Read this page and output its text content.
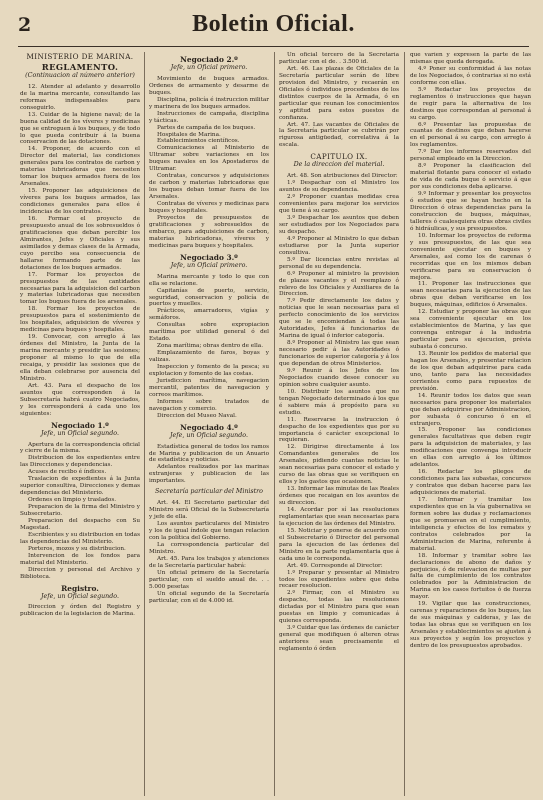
2	Boletin Oficial.
MINISTERIO DE MARINA.
REGLAMENTO.
(Continuacion al número anterior)

12. Atender al adelanto y desarrollo de la marina mercante, consultando las reformas indispensables para conseguirlo.

13. Cuidar de la higiene naval; de la buena calidad de los víveres y medicinas que se entreguen á los buques, y de todo lo que pueda contribuir á la buena conservacion de las dotaciones.

14. Proponer, de acuerdo con el Director del material, las condiciones generales para los contratos de carbon y materias lubricadoras que necesiten tomar los buques armados fuera de los Arsenales.

15. Proponer las adquisiciones de víveres para los buques armados, las condiciones generales para ellos é incidencias de los contratos.

16. Formar el proyecto de presupuesto anual de los sobresueldos ó gratificaciones que deban percibir los Almirantes, Jefes y Oficiales y sus asimilados y demas clases de la Armada, cuyo percibo sea consecuencia de hallarse formando parte de las dotaciones de los buques armados.

17. Formar los proyectos de presupuestos de las cantidades necesarias para la adquisicion del carbon y materias lubricadoras que necesiten tomar los buques fuera de los arsenales.

18. Formar los proyectos de presupuestos para el sostenimiento de los hospitales, adquisicion de víveres y medicinas para buques y hospitales.

19. Convocar, con arreglo á las órdenes del Ministro, la Junta de la marina mercante y presidir las sesiones; proponer al mismo lo que de ella recaiga, y presidir las sesiones que de ella deban celebrarse por ausencia del Ministro.

Art. 43. Para el despacho de los asuntos que corresponden á la Subsecretaría habrá cuatro Negociados, y les corresponderá á cada uno los siguientes:

Negociado 1.º
Jefe, un Oficial segundo.

Apertura de la correspondencia oficial y cierre de la misma.

Distribucion de los expedientes entre las Direcciones y dependencias.

Acuses de recibo é índices.

Traslacion de expedientes á la Junta superior consultiva, Direcciones y demas dependencias del Ministerio.

Ordenes en limpio y traslados.

Preparacion de la firma del Ministro y Subsecretario.

Preparacion del despacho con Su Magestad.

Escribientes y su distribucion en todas las dependencias del Ministerio.

Porteros, mozos y su distribucion.

Intervencion de los fondos para material del Ministerio.

Direccion y personal del Archivo y Biblioteca.

Registro.
Jefe, un Oficial segundo.

Direccion y órden del Registro y publicacion de la legislacion de Marina.

Negociado 2.º
Jefe, un Oficial primero.

Movimiento de buques armados. Ordenes de armamento y desarme de buques.

Disciplina, policía é instruccion militar y marinera de los buques armados.

Instrucciones de campaña, disciplina y tácticas.

Partes de campaña de los buques.

Hospitales de Marina.

Establecimientos científicos.

Comunicaciones al Ministerio de Ultramar sobre variaciones en los buques navales en los Apostaderos de Ultramar.

Contratas, concursos y adquisiciones de carbon y materias lubricadoras que los buques deban tomar fuera de los Arsenales.

Contratas de víveres y medicinas para buques y hospitales.

Proyectos de presupuestos de gratificaciones y sobresueldos de embarco, para adquisiciones de carbon, materias lubricadoras, víveres y medicinas para buques y hospitales.

Negociado 3.º
Jefe, un Oficial primero.

Marina mercante y todo lo que con ella se relacione.

Capitanías de puerto, servicio, seguridad, conservacion y policía de puertos y muelles.

Prácticos, amarradores, vigías y semáforos.

Consultas sobre expropiacion marítima por utilidad general ó del Estado.

Zona marítima; obras dentro de ella.

Emplazamiento de faros, boyas y valizas.

Inspeccion y fomento de la pesca; su explotacion y fomento de las costas.

Jurisdiccion marítima, navegacion mercantil, patentes de navegacion y correos marítimos.

Informes sobre tratados de navegacion y comercio.

Direccion del Museo Naval.

Negociado 4.º
Jefe, un Oficial segundo.

Estadística general de todos los ramos de Marina y publicacion de un Anuario de estadística y noticias.

Adelantos realizados por las marinas extranjeras y publicacion de las importantes.

Secretaría particular del Ministro

Art. 44. El Secretario particular del Ministro será Oficial de la Subsecretaría y jefe de ella.

Los asuntos particulares del Ministro y los de igual índole que tengan relacion con la política del Gobierno.

La correspondencia particular del Ministro.

Art. 45. Para los trabajos y atenciones de la Secretaría particular habrá:

Un oficial primero de la Secretaría particular, con el sueldo anual de. . . 5.000 pesetas

Un oficial segundo de la Secretaría particular, con el de 4.000 id.

Un oficial tercero de la Secretaría particular con el de. . 3.500 id.

Art. 46. Las plazas de Oficiales de la Secretaría particular serán de libre provision del Ministro, y recaerán en Oficiales ó individuos procedentes de los distintos cuerpos de la Armada, ó en particular que reunan los conocimientos y aptitud para estos puestos de confianza.

Art. 47. Las vacantes de Oficiales de la Secretaría particular se cubrirán por rigurosa antigüedad, correlativa á la escala.

CAPITULO IX.
De la direccion del material.

Art. 48. Son atribuciones del Director:

1.º Despachar con el Ministro los asuntos de su dependencia.

2.º Proponer cuantas medidas crea convenientes para mejorar los servicios que tiene á su cargo.

3.º Despachar los asuntos que deben ser estudiados por los Negociados para su despacho.

4.º Proponer al Ministro lo que deban estudiarse por la Junta superior consultiva.

5.º Dar licencias entre revistas al personal de su dependencia.

6.º Proponer al ministro la provision de plazas vacantes y el reemplazo ó relevo de los Oficiales y Auxiliares de la Direccion.

7.º Pedir directamente los datos y noticias que le sean necesarias para el perfecto conocimiento de los servicios que se le encomiendan á todas las Autoridades, Jefes á funcionarios de Marina de igual ó inferior categoría.

8.º Proponer al Ministro las que sean necesario pedir á las Autoridades ó funcionarios de superior categoría y á los que dependan de otros Ministerios.

9.º Reunir á los Jefes de los Negociados cuando desee conocer su opinion sobre cualquier asunto.

10. Distribuir los asuntos que no tengan Negociado determinado á los que é sabiere más á propósito para su estudio.

11. Reservarse la instruccion ó despacho de los expedientes que por su importancia ó carácter excepcional lo requieran.

12. Dirigirse directamente á los Comandantes generales de los Arsenales, pidiendo cuantas noticias le sean necesarias para conocer el estado y curso de las obras que se verifiquen en ellos y los gastos que ocasionen.

13. Informar las minutas de las Reales órdenes que recaigan en los asuntos de su direccion.

14. Acordar por sí las resoluciones reglamentarias que sean necesarias para la ejecucion de las órdenes del Ministro.

15. Noticiar y ponerse de acuerdo con el Subsecretario ó Director del personal para la ejecucion de las órdenes del Ministro en la parte reglamentaria que á cada uno le corresponda.

Art. 49. Corresponde al Director:

1.º Preparar y presentar al Ministro todos los expedientes sobre que deba recaer resolucion.

2.º Firmar, con el Ministro su despacho, todas las resoluciones dictadas por el Ministro para que sean puestas en limpio y comunicadas á quienes corresponda.

3.º Cuidar que las órdenes de carácter general que modifiquen ó alteren otras anteriores sean precisamente el reglamento ó órden

que varíen y expresen la parte de las mismas que queda derogada.

4.º Poner su conformidad á las notas de los Negociados, ó contrarias si no está conforme con ellas.

5.º Redactar los proyectos de reglamentos ó instrucciones que hayan de regir para la alternativa de los destinos que correspondan al personal á su cargo.

6.º Presentar las propuestas de cuantas de destinos que deban hacerse en el personal á su cargo, con arreglo á los reglamentos.

7.º Dar los informes reservados del personal empleado en la Direccion.

8.º Proponer la clasificacion del material flotante para conocer el estado de vida de cada buque ó servicio á que por sus condiciones deba aplicarse.

9.º Informar y presentar los proyectos ó estudios que se hayan hecho en la Direccion ó otras dependencias para la construccion de buques, máquinas, talleres ó cualesquiera otras obras civiles ó hidráulicas, y sus presupuestos.

10. Informar los proyectos de reforma y sus presupuestos, de las que sea conveniente ejecutar en buques y Arsenales, así como los de carenas ó recorridas que en los mismos deban verificarse para su conservacion ó mejora.

11. Proponer las instrucciones que sean necesarias para la ejecucion de las obras que deban verificarse en los buques, máquinas, edificios ó Arsenales.

12. Estudiar y proponer las obras que sea conveniente ejecutar en los establecimientos de Marina, y las que convenga entregar á la industria particular para su ejecucion, prévia subasta ó concurso.

13. Reunir los pedidos de material que hagan los Arsenales, y presentar relacion de los que deban adquirirse para cada uno, tanto para las necesidades corrientes como para repuestos de previsión.

14. Reunir todos los datos que sean necesarios para proponer los materiales que deban adquirirse por Administracion, por subasta ó concurso ó en el extranjero.

15. Proponer las condiciones generales facultativas que deben regir para la adquisicion de materiales, y las modificaciones que convenga introducir en ellas con arreglo á los últimos adelantos.

16. Redactar los pliegos de condiciones para las subastas, concursos y contratos que deban hacerse para las adquisiciones de material.

17. Informar y tramitar los expedientes que en la vía gubernativa se formen sobre las dudas y reclamaciones que se promuevan en el cumplimiento, inteligencia y efectos de los remates y contratos celebrados por la Administracion de Marina, referente á material.

18. Informar y tramitar sobre las declaraciones de abono de daños y perjuicios, ó de relevacion de multas por falta de cumplimiento de los contratos celebrados por la Administracion de Marina en los casos fortuitos ó de fuerza mayor.

19. Vigilar que las construcciones, carenas y reparaciones de los buques, las de sus máquinas y calderas, y las de todas las obras que se verifiquen en los Arsenales y establecimientos se ajusten á sus proyectos y según los proyectos y dentro de los presupuestos aprobados.
